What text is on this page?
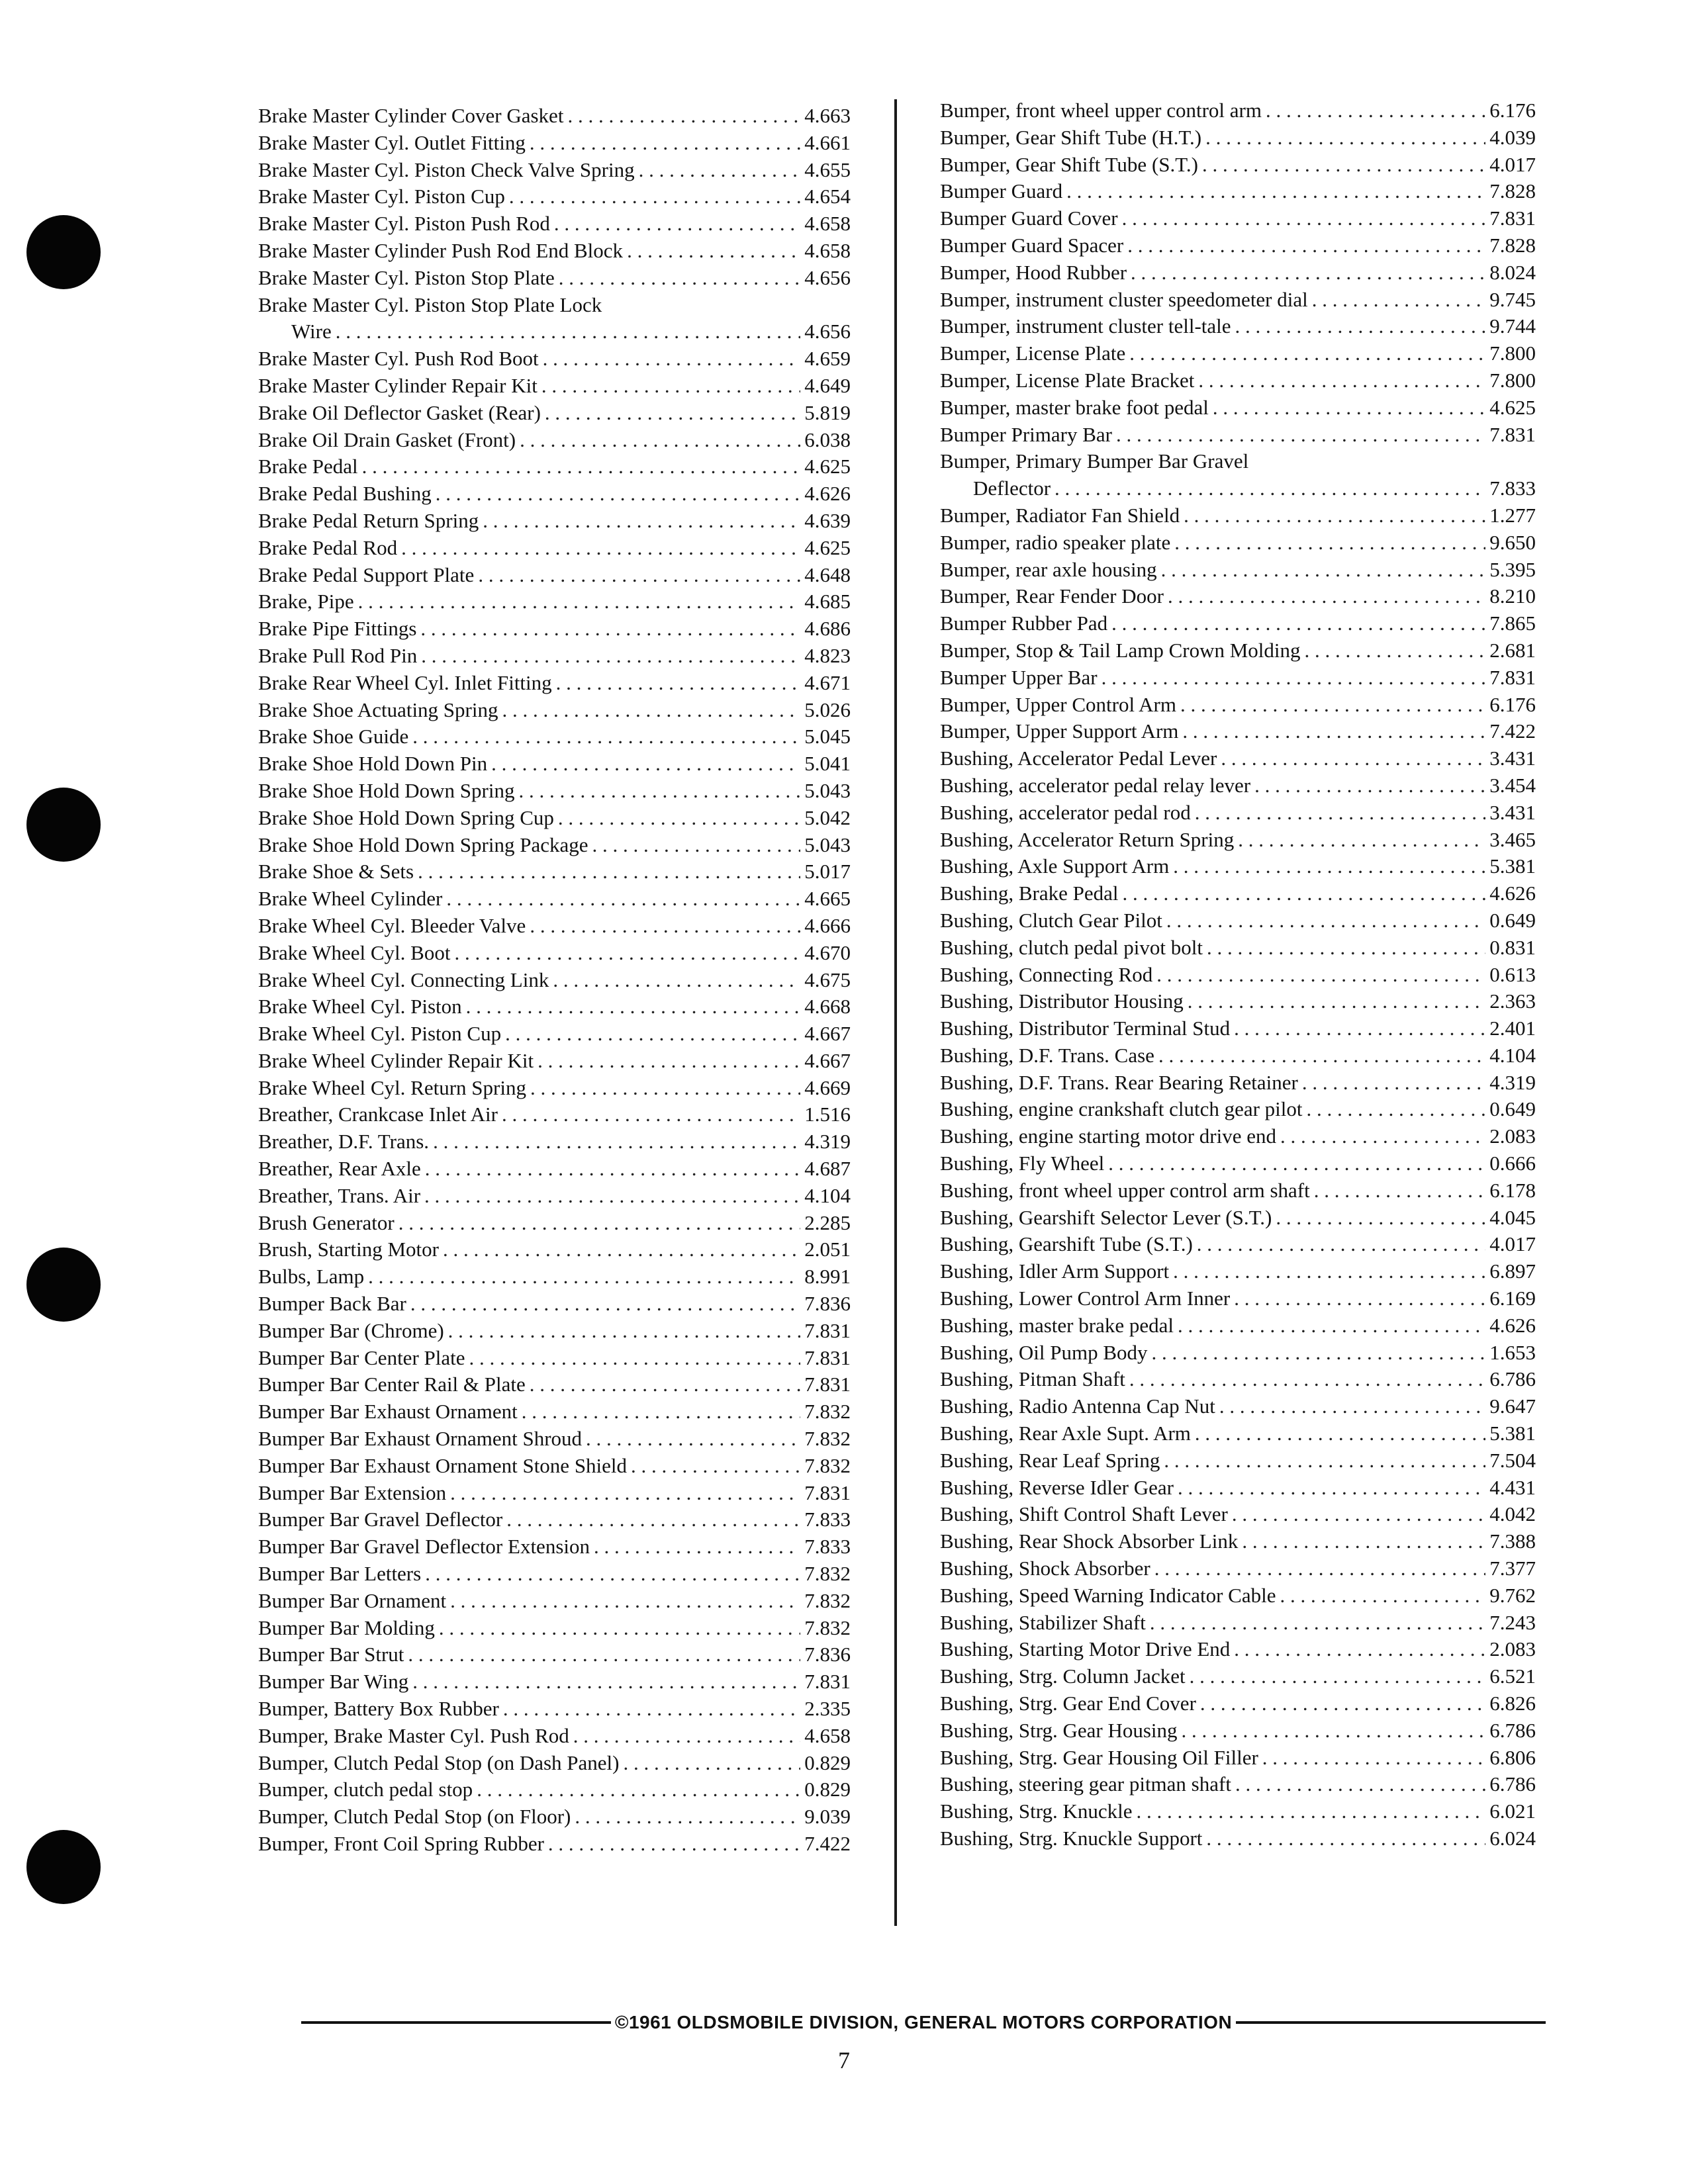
Brake Master Cylinder Cover Gasket . . .	4.663
Brake Master Cyl. Outlet Fitting . . .	4.661
Brake Master Cyl. Piston Check Valve Spring . . .	4.655
Brake Master Cyl. Piston Cup . . .	4.654
Brake Master Cyl. Piston Push Rod . . .	4.658
Brake Master Cylinder Push Rod End Block . . .	4.658
Brake Master Cyl. Piston Stop Plate . . .	4.656
Brake Master Cyl. Piston Stop Plate Lock
Wire . . .	4.656
Brake Master Cyl. Push Rod Boot . . .	4.659
Brake Master Cylinder Repair Kit . . .	4.649
Brake Oil Deflector Gasket (Rear) . . .	5.819
Brake Oil Drain Gasket (Front) . . .	6.038
Brake Pedal . . .	4.625
Brake Pedal Bushing . . .	4.626
Brake Pedal Return Spring . . .	4.639
Brake Pedal Rod . . .	4.625
Brake Pedal Support Plate . . .	4.648
Brake, Pipe . . .	4.685
Brake Pipe Fittings . . .	4.686
Brake Pull Rod Pin . . .	4.823
Brake Rear Wheel Cyl. Inlet Fitting . . .	4.671
Brake Shoe Actuating Spring . . .	5.026
Brake Shoe Guide . . .	5.045
Brake Shoe Hold Down Pin . . .	5.041
Brake Shoe Hold Down Spring . . .	5.043
Brake Shoe Hold Down Spring Cup . . .	5.042
Brake Shoe Hold Down Spring Package . . .	5.043
Brake Shoe & Sets . . .	5.017
Brake Wheel Cylinder . . .	4.665
Brake Wheel Cyl. Bleeder Valve . . .	4.666
Brake Wheel Cyl. Boot . . .	4.670
Brake Wheel Cyl. Connecting Link . . .	4.675
Brake Wheel Cyl. Piston . . .	4.668
Brake Wheel Cyl. Piston Cup . . .	4.667
Brake Wheel Cylinder Repair Kit . . .	4.667
Brake Wheel Cyl. Return Spring . . .	4.669
Breather, Crankcase Inlet Air . . .	1.516
Breather, D.F. Trans. . . .	4.319
Breather, Rear Axle . . .	4.687
Breather, Trans. Air . . .	4.104
Brush Generator . . .	2.285
Brush, Starting Motor . . .	2.051
Bulbs, Lamp . . .	8.991
Bumper Back Bar . . .	7.836
Bumper Bar (Chrome) . . .	7.831
Bumper Bar Center Plate . . .	7.831
Bumper Bar Center Rail & Plate . . .	7.831
Bumper Bar Exhaust Ornament . . .	7.832
Bumper Bar Exhaust Ornament Shroud . . .	7.832
Bumper Bar Exhaust Ornament Stone Shield . . .	7.832
Bumper Bar Extension . . .	7.831
Bumper Bar Gravel Deflector . . .	7.833
Bumper Bar Gravel Deflector Extension . . .	7.833
Bumper Bar Letters . . .	7.832
Bumper Bar Ornament . . .	7.832
Bumper Bar Molding . . .	7.832
Bumper Bar Strut . . .	7.836
Bumper Bar Wing . . .	7.831
Bumper, Battery Box Rubber . . .	2.335
Bumper, Brake Master Cyl. Push Rod . . .	4.658
Bumper, Clutch Pedal Stop (on Dash Panel) . . .	0.829
Bumper, clutch pedal stop . . .	0.829
Bumper, Clutch Pedal Stop (on Floor) . . .	9.039
Bumper, Front Coil Spring Rubber . . .	7.422
Bumper, front wheel upper control arm . . .	6.176
Bumper, Gear Shift Tube (H.T.) . . .	4.039
Bumper, Gear Shift Tube (S.T.) . . .	4.017
Bumper Guard . . .	7.828
Bumper Guard Cover . . .	7.831
Bumper Guard Spacer . . .	7.828
Bumper, Hood Rubber . . .	8.024
Bumper, instrument cluster speedometer dial . . .	9.745
Bumper, instrument cluster tell-tale . . .	9.744
Bumper, License Plate . . .	7.800
Bumper, License Plate Bracket . . .	7.800
Bumper, master brake foot pedal . . .	4.625
Bumper Primary Bar . . .	7.831
Bumper, Primary Bumper Bar Gravel
Deflector . . .	7.833
Bumper, Radiator Fan Shield . . .	1.277
Bumper, radio speaker plate . . .	9.650
Bumper, rear axle housing . . .	5.395
Bumper, Rear Fender Door . . .	8.210
Bumper Rubber Pad . . .	7.865
Bumper, Stop & Tail Lamp Crown Molding . . .	2.681
Bumper Upper Bar . . .	7.831
Bumper, Upper Control Arm . . .	6.176
Bumper, Upper Support Arm . . .	7.422
Bushing, Accelerator Pedal Lever . . .	3.431
Bushing, accelerator pedal relay lever . . .	3.454
Bushing, accelerator pedal rod . . .	3.431
Bushing, Accelerator Return Spring . . .	3.465
Bushing, Axle Support Arm . . .	5.381
Bushing, Brake Pedal . . .	4.626
Bushing, Clutch Gear Pilot . . .	0.649
Bushing, clutch pedal pivot bolt . . .	0.831
Bushing, Connecting Rod . . .	0.613
Bushing, Distributor Housing . . .	2.363
Bushing, Distributor Terminal Stud . . .	2.401
Bushing, D.F. Trans. Case . . .	4.104
Bushing, D.F. Trans. Rear Bearing Retainer . . .	4.319
Bushing, engine crankshaft clutch gear pilot . . .	0.649
Bushing, engine starting motor drive end . . .	2.083
Bushing, Fly Wheel . . .	0.666
Bushing, front wheel upper control arm shaft . . .	6.178
Bushing, Gearshift Selector Lever (S.T.) . . .	4.045
Bushing, Gearshift Tube (S.T.) . . .	4.017
Bushing, Idler Arm Support . . .	6.897
Bushing, Lower Control Arm Inner . . .	6.169
Bushing, master brake pedal . . .	4.626
Bushing, Oil Pump Body . . .	1.653
Bushing, Pitman Shaft . . .	6.786
Bushing, Radio Antenna Cap Nut . . .	9.647
Bushing, Rear Axle Supt. Arm . . .	5.381
Bushing, Rear Leaf Spring . . .	7.504
Bushing, Reverse Idler Gear . . .	4.431
Bushing, Shift Control Shaft Lever . . .	4.042
Bushing, Rear Shock Absorber Link . . .	7.388
Bushing, Shock Absorber . . .	7.377
Bushing, Speed Warning Indicator Cable . . .	9.762
Bushing, Stabilizer Shaft . . .	7.243
Bushing, Starting Motor Drive End . . .	2.083
Bushing, Strg. Column Jacket . . .	6.521
Bushing, Strg. Gear End Cover . . .	6.826
Bushing, Strg. Gear Housing . . .	6.786
Bushing, Strg. Gear Housing Oil Filler . . .	6.806
Bushing, steering gear pitman shaft . . .	6.786
Bushing, Strg. Knuckle . . .	6.021
Bushing, Strg. Knuckle Support . . .	6.024
©1961 OLDSMOBILE DIVISION, GENERAL MOTORS CORPORATION
7
